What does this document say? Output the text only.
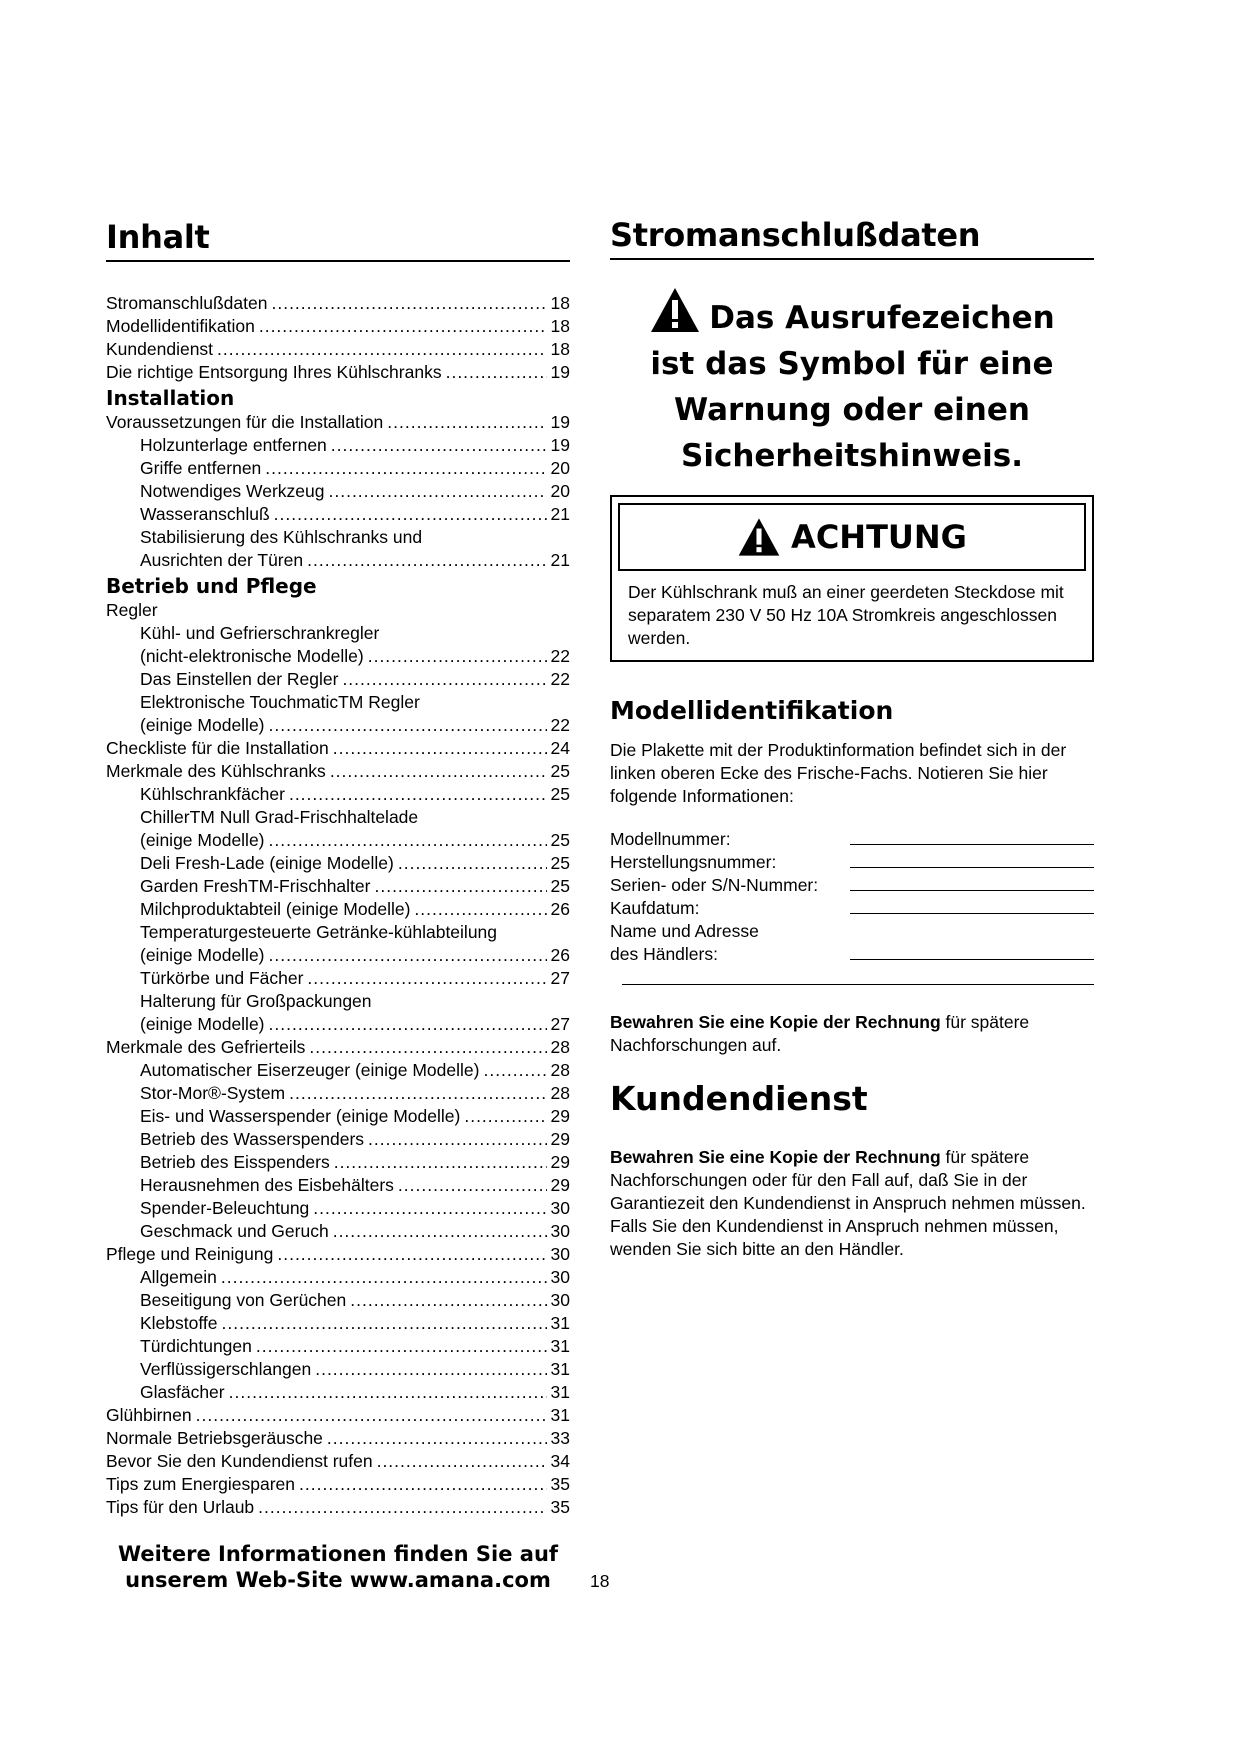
Inhalt
Stromanschlußdaten .....	18
Modellidentifikation .....	18
Kundendienst .....	18
Die richtige Entsorgung Ihres Kühlschranks .....	19
Installation
Voraussetzungen für die Installation .....	19
Holzunterlage entfernen .....	19
Griffe entfernen .....	20
Notwendiges Werkzeug .....	20
Wasseranschluß .....	21
Stabilisierung des Kühlschranks und
Ausrichten der Türen .....	21
Betrieb und Pflege
Regler
Kühl- und Gefrierschrankregler
(nicht-elektronische Modelle) .....	22
Das Einstellen der Regler .....	22
Elektronische TouchmaticTM Regler
(einige Modelle) .....	22
Checkliste für die Installation .....	24
Merkmale des Kühlschranks .....	25
Kühlschrankfächer .....	25
ChillerTM Null Grad-Frischhaltelade
(einige Modelle) .....	25
Deli Fresh-Lade (einige Modelle) .....	25
Garden FreshTM-Frischhalter .....	25
Milchproduktabteil (einige Modelle) .....	26
Temperaturgesteuerte Getränke-kühlabteilung
(einige Modelle) .....	26
Türkörbe und Fächer .....	27
Halterung für Großpackungen
(einige Modelle) .....	27
Merkmale des Gefrierteils .....	28
Automatischer Eiserzeuger (einige Modelle) .....	28
Stor-Mor®-System .....	28
Eis- und Wasserspender (einige Modelle) .....	29
Betrieb des Wasserspenders .....	29
Betrieb des Eisspenders .....	29
Herausnehmen des Eisbehälters .....	29
Spender-Beleuchtung .....	30
Geschmack und Geruch .....	30
Pflege und Reinigung .....	30
Allgemein .....	30
Beseitigung von Gerüchen .....	30
Klebstoffe .....	31
Türdichtungen .....	31
Verflüssigerschlangen .....	31
Glasfächer .....	31
Glühbirnen .....	31
Normale Betriebsgeräusche .....	33
Bevor Sie den Kundendienst rufen .....	34
Tips zum Energiesparen .....	35
Tips für den Urlaub .....	35
Weitere Informationen finden Sie auf
unserem Web-Site www.amana.com
Stromanschlußdaten
Das Ausrufezeichen
ist das Symbol für eine
Warnung oder einen
Sicherheitshinweis.
ACHTUNG
Der Kühlschrank muß an einer geerdeten Steckdose mit separatem 230 V 50 Hz 10A Stromkreis angeschlossen werden.
Modellidentifikation

Die Plakette mit der Produktinformation befindet sich in der linken oberen Ecke des Frische-Fachs. Notieren Sie hier folgende Informationen:

Modellnummer:
Herstellungsnummer:
Serien- oder S/N-Nummer:
Kaufdatum:
Name und Adresse
des Händlers:

Bewahren Sie eine Kopie der Rechnung für spätere Nachforschungen auf.

Kundendienst

Bewahren Sie eine Kopie der Rechnung für spätere Nachforschungen oder für den Fall auf, daß Sie in der Garantiezeit den Kundendienst in Anspruch nehmen müssen. Falls Sie den Kundendienst in Anspruch nehmen müssen, wenden Sie sich bitte an den Händler.

18
